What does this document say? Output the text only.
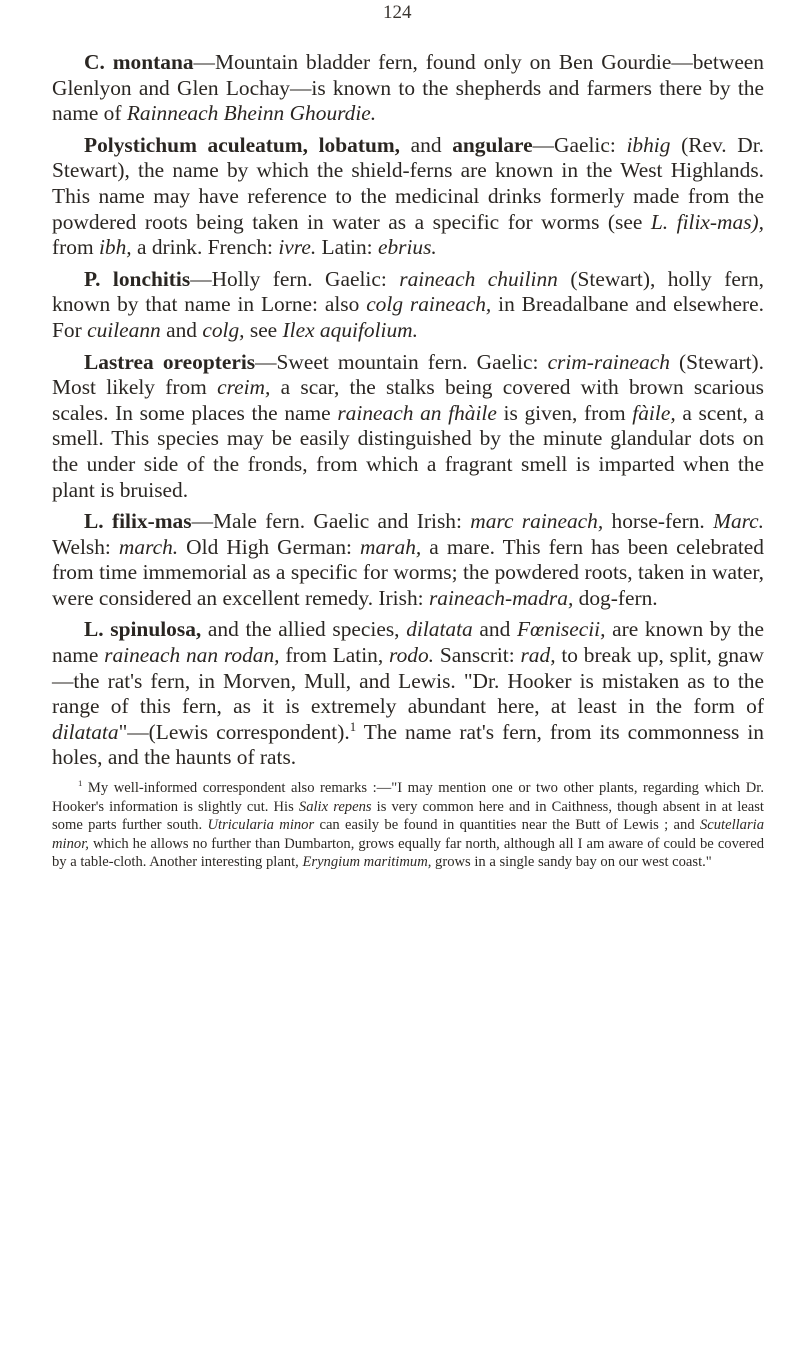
124

C. montana—Mountain bladder fern, found only on Ben Gourdie—between Glenlyon and Glen Lochay—is known to the shepherds and farmers there by the name of Rainneach Bheinn Ghourdie.

Polystichum aculeatum, lobatum, and angulare—Gaelic: ibhig (Rev. Dr. Stewart), the name by which the shield-ferns are known in the West Highlands. This name may have reference to the medicinal drinks formerly made from the powdered roots being taken in water as a specific for worms (see L. filix-mas), from ibh, a drink. French: ivre. Latin: ebrius.

P. lonchitis—Holly fern. Gaelic: raineach chuilinn (Stewart), holly fern, known by that name in Lorne: also colg raineach, in Breadalbane and elsewhere. For cuileann and colg, see Ilex aquifolium.

Lastrea oreopteris—Sweet mountain fern. Gaelic: crim-raineach (Stewart). Most likely from creim, a scar, the stalks being covered with brown scarious scales. In some places the name raineach an fhàile is given, from fàile, a scent, a smell. This species may be easily distinguished by the minute glandular dots on the under side of the fronds, from which a fragrant smell is imparted when the plant is bruised.

L. filix-mas—Male fern. Gaelic and Irish: marc raineach, horse-fern. Marc. Welsh: march. Old High German: marah, a mare. This fern has been celebrated from time immemorial as a specific for worms; the powdered roots, taken in water, were considered an excellent remedy. Irish: raineach-madra, dog-fern.

L. spinulosa, and the allied species, dilatata and Fœnisecii, are known by the name raineach nan rodan, from Latin, rodo. Sanscrit: rad, to break up, split, gnaw—the rat's fern, in Morven, Mull, and Lewis. "Dr. Hooker is mistaken as to the range of this fern, as it is extremely abundant here, at least in the form of dilatata"—(Lewis correspondent).$^1$ The name rat's fern, from its commonness in holes, and the haunts of rats.

$^1$ My well-informed correspondent also remarks :—"I may mention one or two other plants, regarding which Dr. Hooker's information is slightly cut. His Salix repens is very common here and in Caithness, though absent in at least some parts further south. Utricularia minor can easily be found in quantities near the Butt of Lewis ; and Scutellaria minor, which he allows no further than Dumbarton, grows equally far north, although all I am aware of could be covered by a table-cloth. Another interesting plant, Eryngium maritimum, grows in a single sandy bay on our west coast."
